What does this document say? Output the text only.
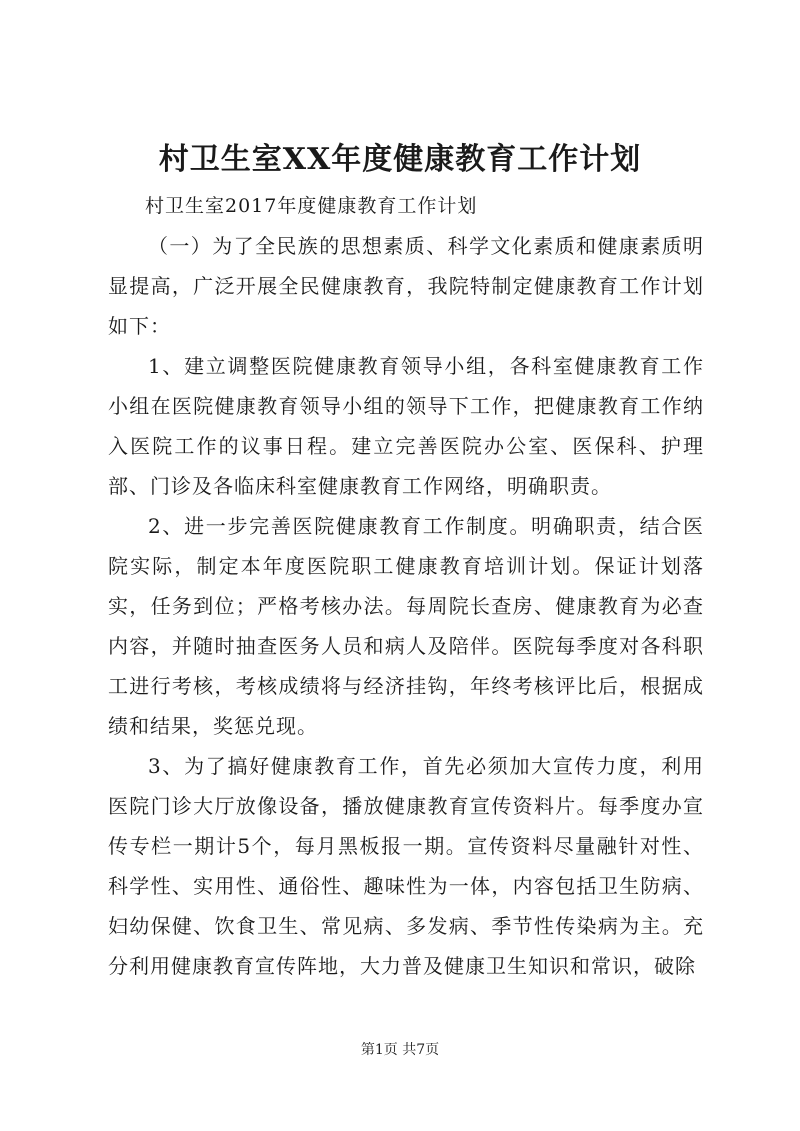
村卫生室XX年度健康教育工作计划

村卫生室2017年度健康教育工作计划

（一）为了全民族的思想素质、科学文化素质和健康素质明显提高，广泛开展全民健康教育，我院特制定健康教育工作计划如下：

1、建立调整医院健康教育领导小组，各科室健康教育工作小组在医院健康教育领导小组的领导下工作，把健康教育工作纳入医院工作的议事日程。建立完善医院办公室、医保科、护理部、门诊及各临床科室健康教育工作网络，明确职责。

2、进一步完善医院健康教育工作制度。明确职责，结合医院实际，制定本年度医院职工健康教育培训计划。保证计划落实，任务到位；严格考核办法。每周院长查房、健康教育为必查内容，并随时抽查医务人员和病人及陪伴。医院每季度对各科职工进行考核，考核成绩将与经济挂钩，年终考核评比后，根据成绩和结果，奖惩兑现。

3、为了搞好健康教育工作，首先必须加大宣传力度，利用医院门诊大厅放像设备，播放健康教育宣传资料片。每季度办宣传专栏一期计5个，每月黑板报一期。宣传资料尽量融针对性、科学性、实用性、通俗性、趣味性为一体，内容包括卫生防病、妇幼保健、饮食卫生、常见病、多发病、季节性传染病为主。充分利用健康教育宣传阵地，大力普及健康卫生知识和常识，破除

第1页 共7页
